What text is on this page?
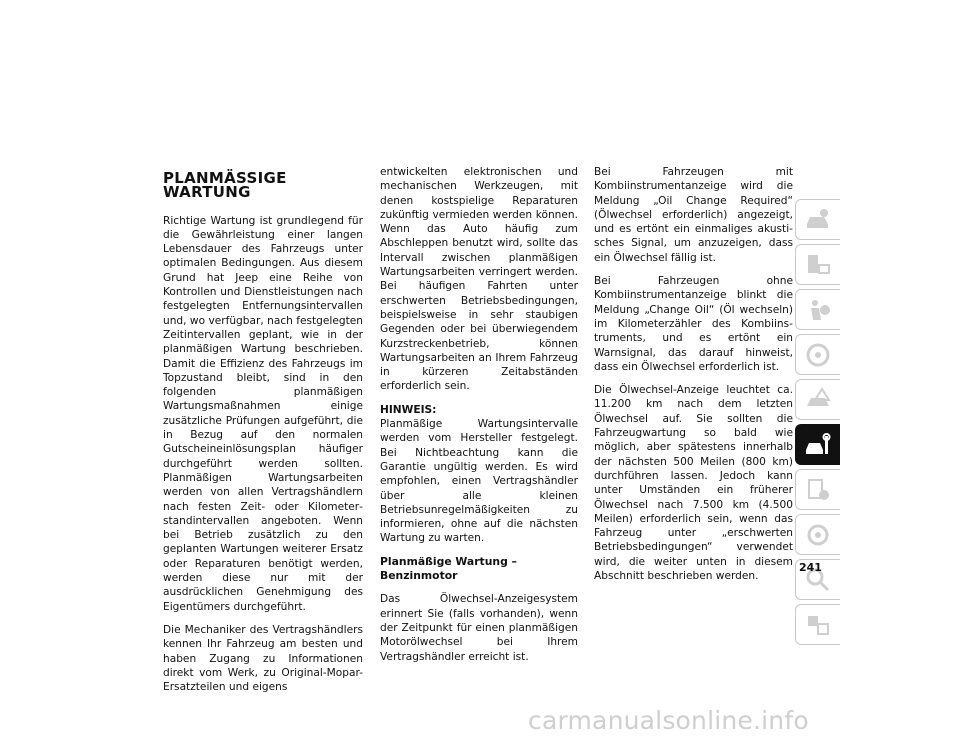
PLANMÄSSIGE WARTUNG

Richtige Wartung ist grundlegend für die Gewährleistung einer langen Lebensdauer des Fahrzeugs unter optimalen Bedingungen. Aus diesem Grund hat Jeep eine Reihe von Kontrollen und Dienstleistungen nach festgelegten Entfernungsintervallen und, wo verfügbar, nach festgelegten Zeitintervallen geplant, wie in der planmäßigen Wartung beschrieben. Damit die Effizienz des Fahrzeugs im Topzustand bleibt, sind in den folgenden planmäßigen Wartungsmaßnahmen einige zusätzliche Prüfungen aufgeführt, die in Bezug auf den normalen Gutscheineinlösungsplan häufiger durchgeführt werden sollten. Planmäßigen Wartungsarbeiten werden von allen Vertragshändlern nach festen Zeit- oder Kilometerstandintervallen angeboten. Wenn bei Betrieb zusätzlich zu den geplanten Wartungen weiterer Ersatz oder Reparaturen benötigt werden, werden diese nur mit der ausdrücklichen Genehmigung des Eigentümers durchgeführt.

Die Mechaniker des Vertragshändlers kennen Ihr Fahrzeug am besten und haben Zugang zu Informationen direkt vom Werk, zu Original-Mopar-Ersatzteilen und eigens

entwickelten elektronischen und mechanischen Werkzeugen, mit denen kostspielige Reparaturen zukünftig vermieden werden können. Wenn das Auto häufig zum Abschleppen benutzt wird, sollte das Intervall zwischen planmäßigen Wartungsarbeiten verringert werden. Bei häufigen Fahrten unter erschwerten Betriebsbedingungen, beispielsweise in sehr staubigen Gegenden oder bei überwiegendem Kurzstreckenbetrieb, können Wartungsarbeiten an Ihrem Fahrzeug in kürzeren Zeitabständen erforderlich sein.

HINWEIS:

Planmäßige Wartungsintervalle werden vom Hersteller festgelegt. Bei Nichtbeachtung kann die Garantie ungültig werden. Es wird empfohlen, einen Vertragshändler über alle kleinen Betriebsunregelmäßigkeiten zu informieren, ohne auf die nächsten Wartung zu warten.

Planmäßige Wartung – Benzinmotor

Das Ölwechsel-Anzeigesystem erinnert Sie (falls vorhanden), wenn der Zeitpunkt für einen planmäßigen Motorölwechsel bei Ihrem Vertragshändler erreicht ist.

Bei Fahrzeugen mit Kombiinstrumentanzeige wird die Meldung „Oil Change Required“ (Ölwechsel erforderlich) angezeigt, und es ertönt ein einmaliges akustisches Signal, um anzuzeigen, dass ein Ölwechsel fällig ist.

Bei Fahrzeugen ohne Kombiinstrumentanzeige blinkt die Meldung „Change Oil“ (Öl wechseln) im Kilometerzähler des Kombiinstruments, und es ertönt ein Warnsignal, das darauf hinweist, dass ein Ölwechsel erforderlich ist.

Die Ölwechsel-Anzeige leuchtet ca. 11.200 km nach dem letzten Ölwechsel auf. Sie sollten die Fahrzeugwartung so bald wie möglich, aber spätestens innerhalb der nächsten 500 Meilen (800 km) durchführen lassen. Jedoch kann unter Umständen ein früherer Ölwechsel nach 7.500 km (4.500 Meilen) erforderlich sein, wenn das Fahrzeug unter „erschwerten Betriebsbedingungen“ verwendet wird, die weiter unten in diesem Abschnitt beschrieben werden.

241
carmanualsonline.info
